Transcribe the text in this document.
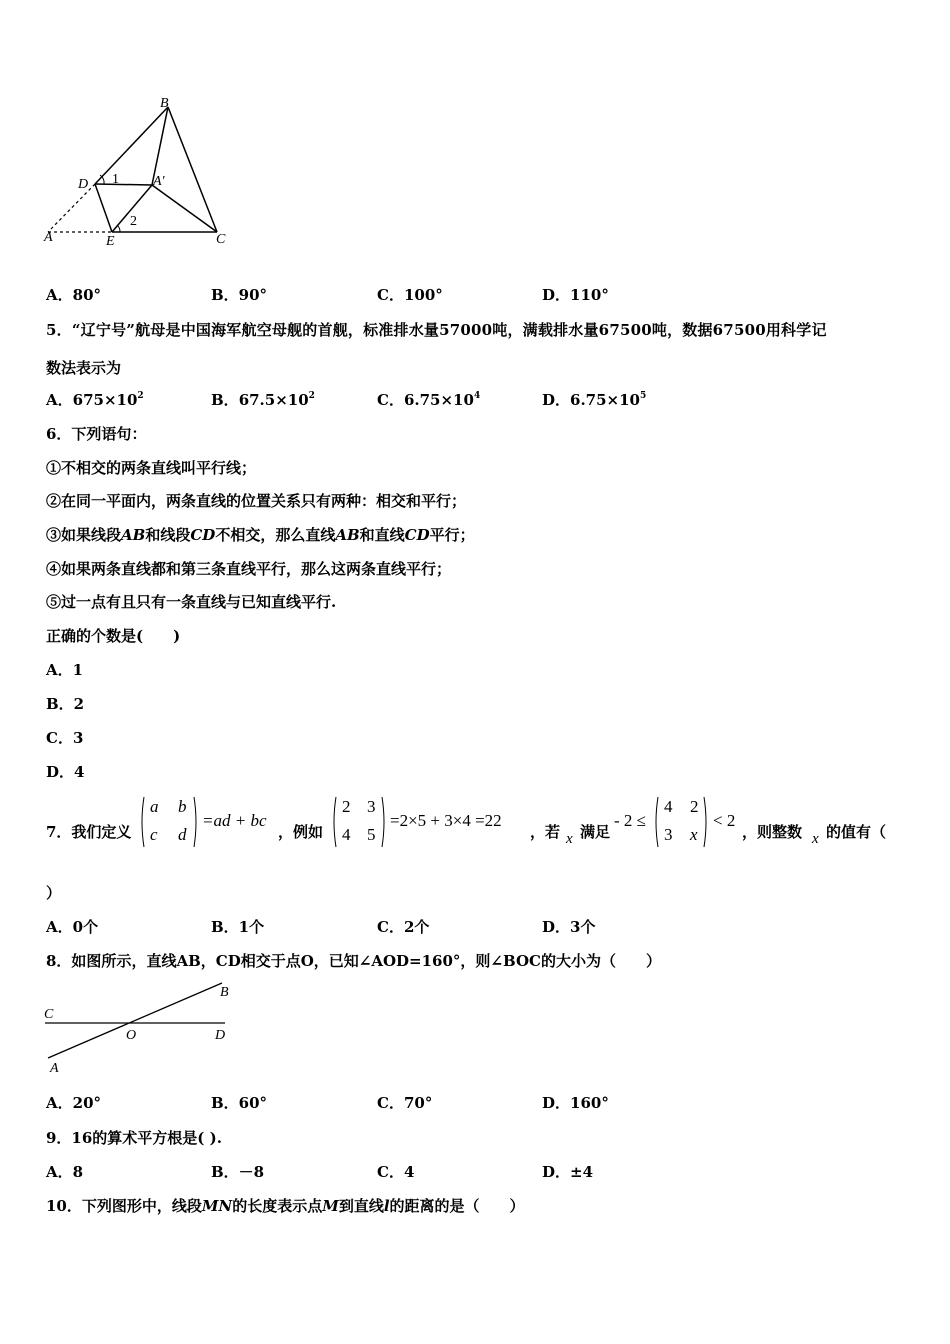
B
D 1 A′
2
A	E	C
A．80°	B．90°	C．100°	D．110°
5．“辽宁号”航母是中国海军航空母舰的首舰，标准排水量57000吨，满载排水量67500吨，数据67500用科学记
数法表示为
A．$675\times 10^2$	B．$67.5\times 10^2$	C．$6.75\times 10^4$	D．$6.75\times 10^5$
6．下列语句：
①不相交的两条直线叫平行线；
②在同一平面内，两条直线的位置关系只有两种：相交和平行；
③如果线段AB和线段CD不相交，那么直线AB和直线CD平行；
④如果两条直线都和第三条直线平行，那么这两条直线平行；
⑤过一点有且只有一条直线与已知直线平行.
正确的个数是(　　)
A．1
B．2
C．3
D．4
7．我们定义
a b
c d
=ad + bc
，例如
2 3
4 5
=2×5 + 3×4 =22
，若 x 满足
- 2 ≤
4 2
3 x
< 2
，则整数 x 的值有（
）
A．0个	B．1个	C．2个	D．3个
8．如图所示，直线AB，CD相交于点O，已知∠AOD=160°，则∠BOC的大小为（　　）
C
B
O	D
A
A．20°	B．60°	C．70°	D．160°
9．16的算术平方根是( ).
A．8	B．－8	C．4	D．±4
10．下列图形中，线段MN的长度表示点M到直线l的距离的是（　　）
